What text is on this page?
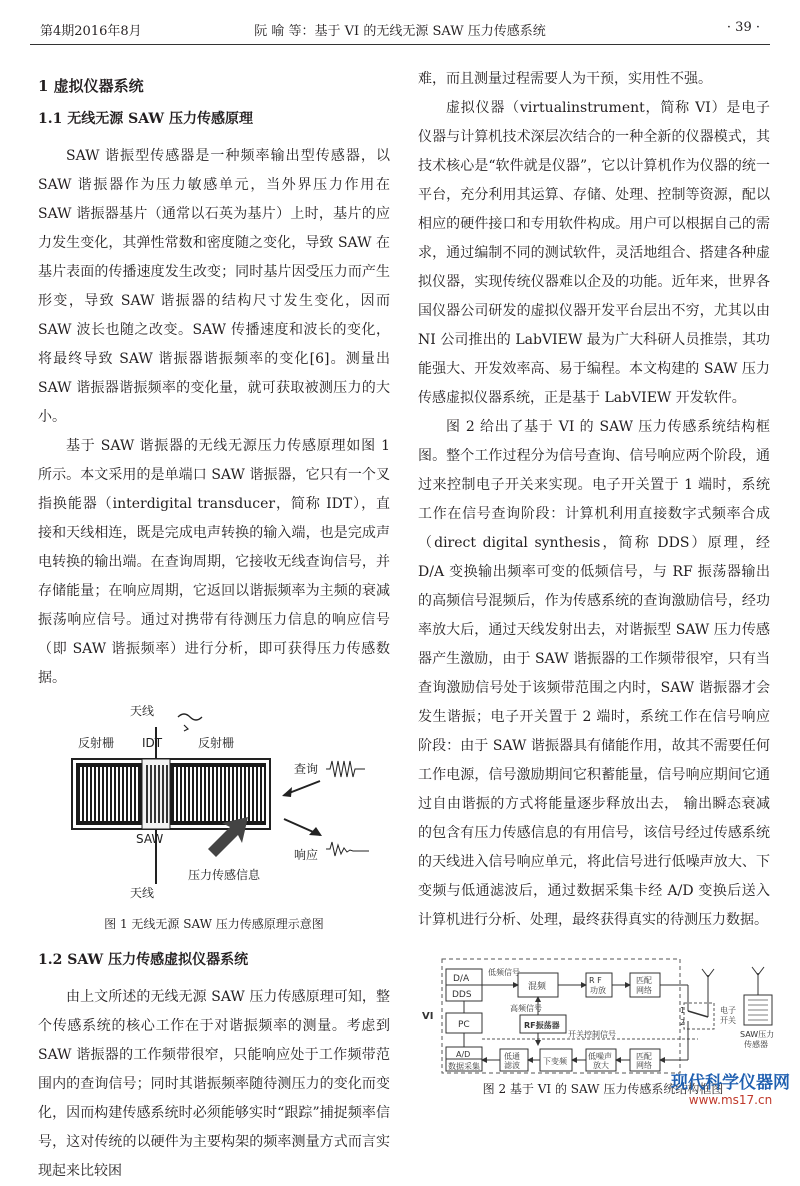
第4期2016年8月	阮 喻 等：基于 VI 的无线无源 SAW 压力传感系统	· 39 ·
1 虚拟仪器系统
1.1 无线无源 SAW 压力传感原理

SAW 谐振型传感器是一种频率输出型传感器，以 SAW 谐振器作为压力敏感单元，当外界压力作用在 SAW 谐振器基片（通常以石英为基片）上时，基片的应力发生变化，其弹性常数和密度随之变化，导致 SAW 在基片表面的传播速度发生改变；同时基片因受压力而产生形变，导致 SAW 谐振器的结构尺寸发生变化，因而 SAW 波长也随之改变。SAW 传播速度和波长的变化，将最终导致 SAW 谐振器谐振频率的变化[6]。测量出 SAW 谐振器谐振频率的变化量，就可获取被测压力的大小。

基于 SAW 谐振器的无线无源压力传感原理如图 1 所示。本文采用的是单端口 SAW 谐振器，它只有一个叉指换能器（interdigital transducer，简称 IDT），直接和天线相连，既是完成电声转换的输入端，也是完成声电转换的输出端。在查询周期，它接收无线查询信号，并存储能量；在响应周期，它返回以谐振频率为主频的衰减振荡响应信号。通过对携带有待测压力信息的响应信号（即 SAW 谐振频率）进行分析，即可获得压力传感数据。

天线
反射栅 IDT	反射栅
SAW
天线
查询
响应
压力传感信息
图 1 无线无源 SAW 压力传感原理示意图
1.2 SAW 压力传感虚拟仪器系统

由上文所述的无线无源 SAW 压力传感原理可知，整个传感系统的核心工作在于对谐振频率的测量。考虑到 SAW 谐振器的工作频带很窄，只能响应处于工作频带范围内的查询信号；同时其谐振频率随待测压力的变化而变化，因而构建传感系统时必须能够实时“跟踪”捕捉频率信号，这对传统的以硬件为主要构架的频率测量方式而言实现起来比较困

难，而且测量过程需要人为干预，实用性不强。

虚拟仪器（virtualinstrument，简称 VI）是电子仪器与计算机技术深层次结合的一种全新的仪器模式，其技术核心是“软件就是仪器”，它以计算机作为仪器的统一平台，充分利用其运算、存储、处理、控制等资源，配以相应的硬件接口和专用软件构成。用户可以根据自己的需求，通过编制不同的测试软件，灵活地组合、搭建各种虚拟仪器，实现传统仪器难以企及的功能。近年来，世界各国仪器公司研发的虚拟仪器开发平台层出不穷，尤其以由 NI 公司推出的 LabVIEW 最为广大科研人员推崇，其功能强大、开发效率高、易于编程。本文构建的 SAW 压力传感虚拟仪器系统，正是基于 LabVIEW 开发软件。

图 2 给出了基于 VI 的 SAW 压力传感系统结构框图。整个工作过程分为信号查询、信号响应两个阶段，通过来控制电子开关来实现。电子开关置于 1 端时，系统工作在信号查询阶段：计算机利用直接数字式频率合成（direct digital synthesis，简称 DDS）原理，经 D/A 变换输出频率可变的低频信号，与 RF 振荡器输出的高频信号混频后，作为传感系统的查询激励信号，经功率放大后，通过天线发射出去，对谐振型 SAW 压力传感器产生激励，由于 SAW 谐振器的工作频带很窄，只有当查询激励信号处于该频带范围之内时，SAW 谐振器才会发生谐振；电子开关置于 2 端时，系统工作在信号响应阶段：由于 SAW 谐振器具有储能作用，故其不需要任何工作电源，信号激励期间它积蓄能量，信号响应期间它通过自由谐振的方式将能量逐步释放出去， 输出瞬态衰减的包含有压力传感信息的有用信号，该信号经过传感系统的天线进入信号响应单元，将此信号进行低噪声放大、下变频与低通滤波后，通过数据采集卡经 A/D 变换后送入计算机进行分析、处理，最终获得真实的待测压力数据。

VI
D/A
DDS
混频
低频信号
R F
功放
匹配
网络
高频信号
RF振荡器
PC
开关控制信号
1
2
电子
开关
SAW压力
传感器
A/D
数据采集
低通
滤波	下变频
低噪声
放大
匹配
网络
图 2 基于 VI 的 SAW 压力传感系统结构框图
现代科学仪器网
www.ms17.cn
